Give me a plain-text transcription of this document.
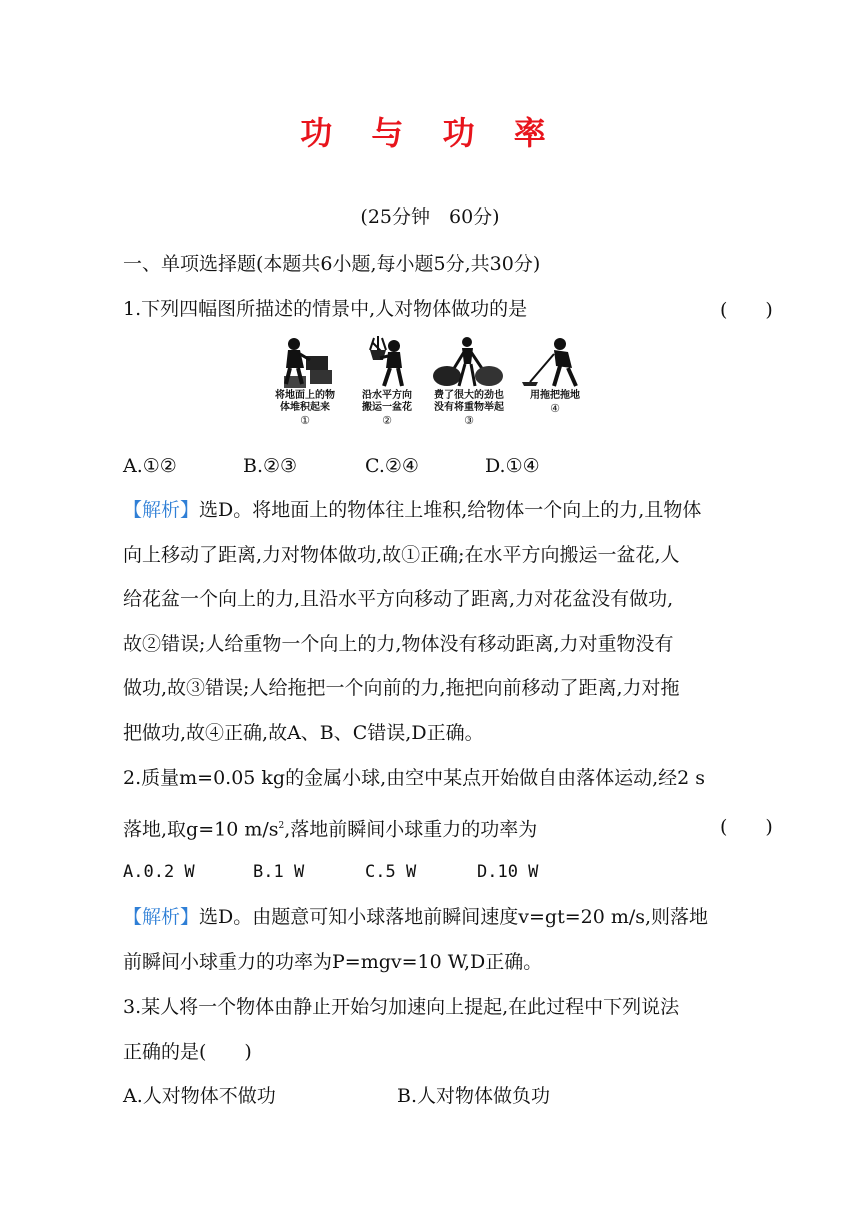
功 与 功 率
(25分钟　60分)
一、单项选择题(本题共6小题,每小题5分,共30分)
1.下列四幅图所描述的情景中,人对物体做功的是	(　　)
将地面上的物
体堆积起来
①
沿水平方向
搬运一盆花
②
费了很大的劲也
没有将重物举起
③
用拖把拖地
④
A.①②	B.②③	C.②④	D.①④
【解析】选D。将地面上的物体往上堆积,给物体一个向上的力,且物体
向上移动了距离,力对物体做功,故①正确;在水平方向搬运一盆花,人
给花盆一个向上的力,且沿水平方向移动了距离,力对花盆没有做功,
故②错误;人给重物一个向上的力,物体没有移动距离,力对重物没有
做功,故③错误;人给拖把一个向前的力,拖把向前移动了距离,力对拖
把做功,故④正确,故A、B、C错误,D正确。
2.质量m=0.05 kg的金属小球,由空中某点开始做自由落体运动,经2 s
落地,取g=10 $m/s^2$,落地前瞬间小球重力的功率为	(　　)
A.0.2 W	B.1 W	C.5 W	D.10 W
【解析】选D。由题意可知小球落地前瞬间速度v=gt=20 m/s,则落地
前瞬间小球重力的功率为P=mgv=10 W,D正确。
3.某人将一个物体由静止开始匀加速向上提起,在此过程中下列说法
正确的是(　　)
A.人对物体不做功	B.人对物体做负功
